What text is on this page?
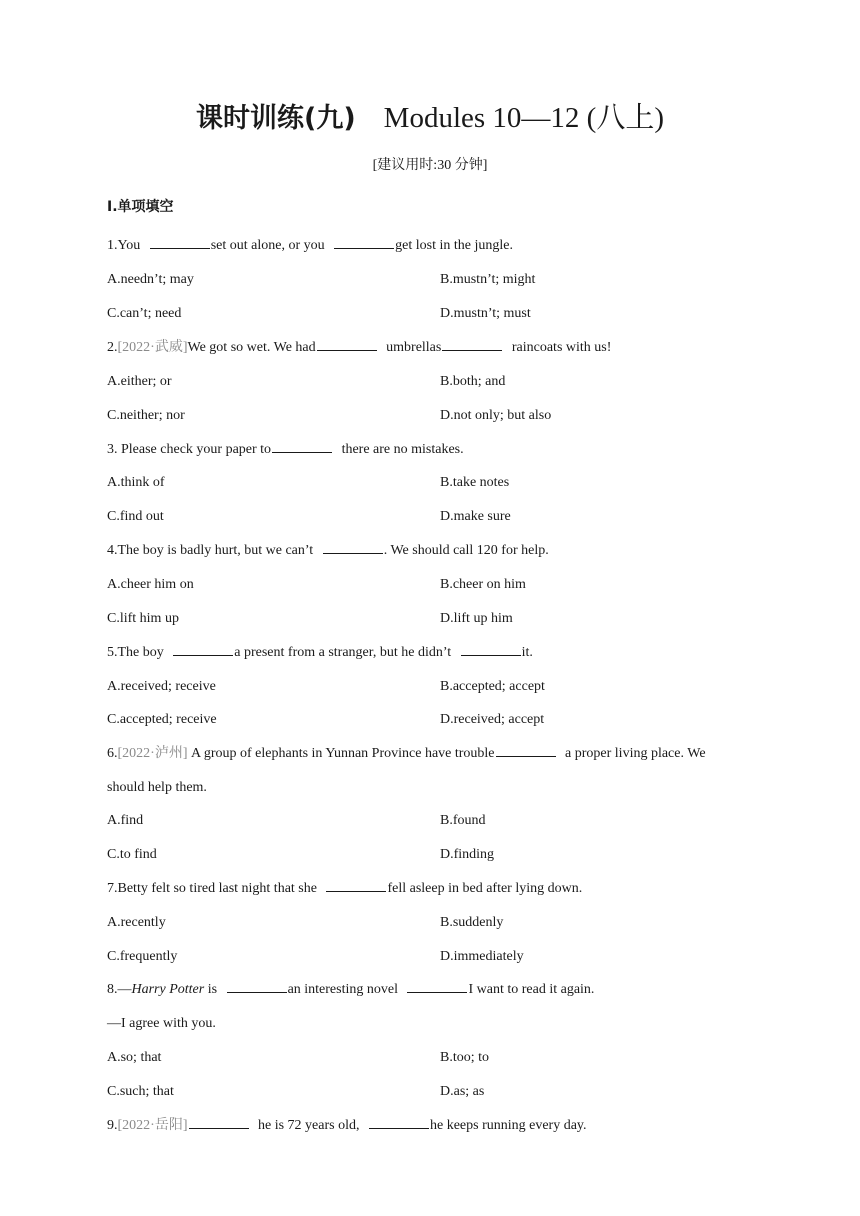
课时训练(九) Modules 10—12 (八上)
[建议用时:30 分钟]
Ⅰ.单项填空
1.You	set out alone, or you	get lost in the jungle.
A.needn’t; may	B.mustn’t; might
C.can’t; need	D.mustn’t; must
2.[2022·武威]We got so wet. We had	umbrellas	raincoats with us!
A.either; or	B.both; and
C.neither; nor	D.not only; but also
3. Please check your paper to	there are no mistakes.
A.think of	B.take notes
C.find out	D.make sure
4.The boy is badly hurt, but we can’t	. We should call 120 for help.
A.cheer him on	B.cheer on him
C.lift him up	D.lift up him
5.The boy	a present from a stranger, but he didn’t	it.
A.received; receive	B.accepted; accept
C.accepted; receive	D.received; accept
6.[2022·泸州] A group of elephants in Yunnan Province have trouble	a proper living place. We
should help them.
A.find	B.found
C.to find	D.finding
7.Betty felt so tired last night that she	fell asleep in bed after lying down.
A.recently	B.suddenly
C.frequently	D.immediately
8.—Harry Potter is	an interesting novel	I want to read it again.
—I agree with you.
A.so; that	B.too; to
C.such; that	D.as; as
9.[2022·岳阳]	he is 72 years old,	he keeps running every day.
